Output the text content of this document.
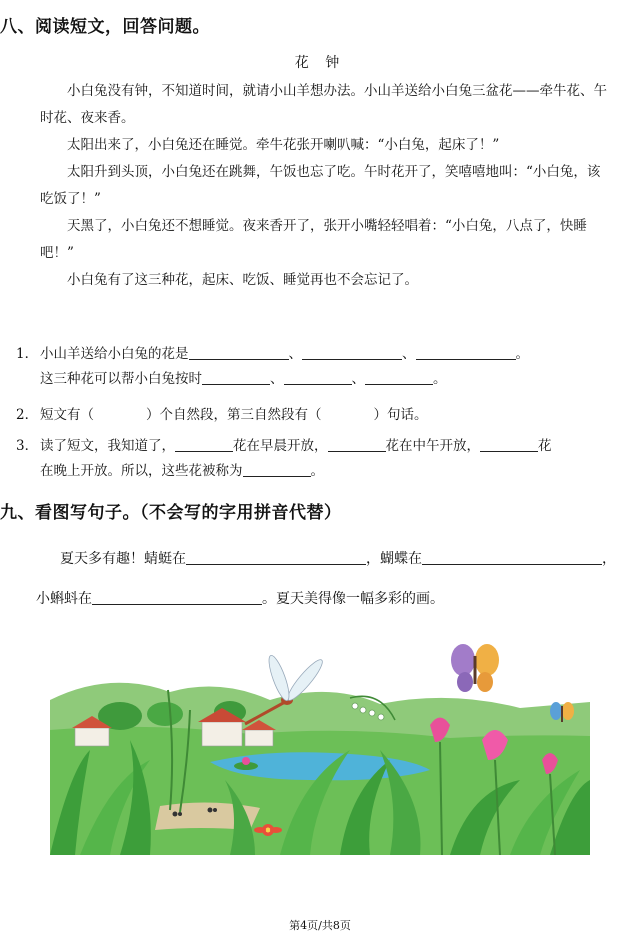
八、阅读短文，回答问题。
花 钟

小白兔没有钟，不知道时间，就请小山羊想办法。小山羊送给小白兔三盆花——牵牛花、午时花、夜来香。

太阳出来了，小白兔还在睡觉。牵牛花张开喇叭喊：“小白兔，起床了！”

太阳升到头顶，小白兔还在跳舞，午饭也忘了吃。午时花开了，笑嘻嘻地叫：“小白兔，该吃饭了！”

天黑了，小白兔还不想睡觉。夜来香开了，张开小嘴轻轻唱着：“小白兔，八点了，快睡吧！”

小白兔有了这三种花，起床、吃饭、睡觉再也不会忘记了。

1． 小山羊送给小白兔的花是	、	、	。
这三种花可以帮小白兔按时	、	、	。
2． 短文有（	）个自然段，第三自然段有（	）句话。
3． 读了短文，我知道了，	花在早晨开放，	花在中午开放，	花
在晚上开放。所以，这些花被称为	。
九、看图写句子。（不会写的字用拼音代替）
夏天多有趣！蜻蜓在	，蝴蝶在	，
小蝌蚪在	。夏天美得像一幅多彩的画。
第4页/共8页
